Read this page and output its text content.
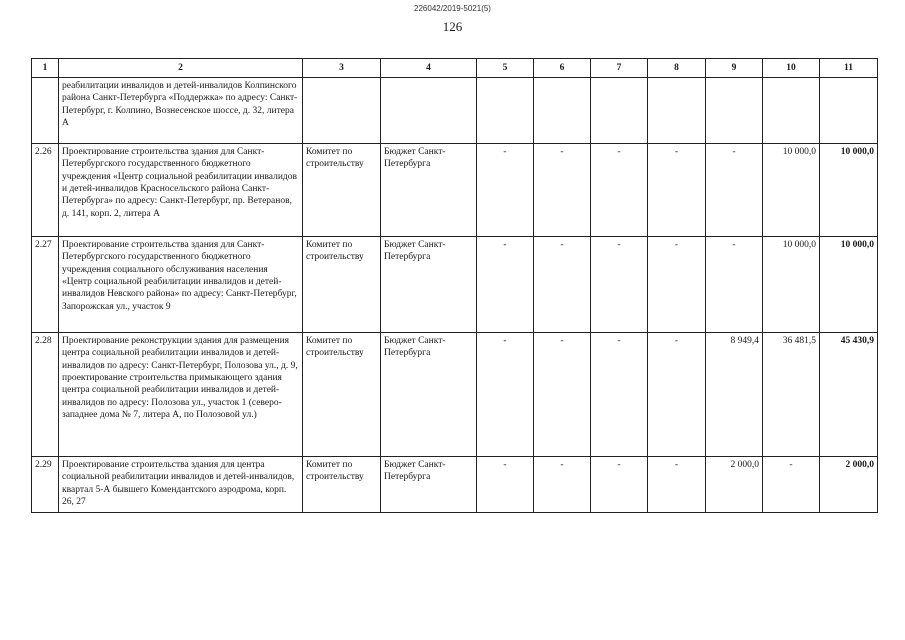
226042/2019-5021(5)
126
1	2	3	4	5	6	7	8	9	10	11
	реабилитации инвалидов и детей-инвалидов Колпинского района Санкт-Петербурга «Поддержка» по адресу: Санкт-Петербург, г. Колпино, Вознесенское шоссе, д. 32, литера А									
2.26	Проектирование строительства здания для Санкт-Петербургского государственного бюджетного учреждения «Центр социальной реабилитации инвалидов и детей-инвалидов Красносельского района Санкт-Петербурга» по адресу: Санкт-Петербург, пр. Ветеранов, д. 141, корп. 2, литера А	Комитет по строительству	Бюджет Санкт-Петербурга	-	-	-	-	-	10 000,0	10 000,0
2.27	Проектирование строительства здания для Санкт-Петербургского государственного бюджетного учреждения социального обслуживания населения «Центр социальной реабилитации инвалидов и детей-инвалидов Невского района» по адресу: Санкт-Петербург, Запорожская ул., участок 9	Комитет по строительству	Бюджет Санкт-Петербурга	-	-	-	-	-	10 000,0	10 000,0
2.28	Проектирование реконструкции здания для размещения центра социальной реабилитации инвалидов и детей-инвалидов по адресу: Санкт-Петербург, Полозова ул., д. 9, проектирование строительства примыкающего здания центра социальной реабилитации инвалидов и детей-инвалидов по адресу: Полозова ул., участок 1 (северо-западнее дома № 7, литера А, по Полозовой ул.)	Комитет по строительству	Бюджет Санкт-Петербурга	-	-	-	-	8 949,4	36 481,5	45 430,9
2.29	Проектирование строительства здания для центра социальной реабилитации инвалидов и детей-инвалидов, квартал 5-А бывшего Комендантского аэродрома, корп. 26, 27	Комитет по строительству	Бюджет Санкт-Петербурга	-	-	-	-	2 000,0	-	2 000,0
